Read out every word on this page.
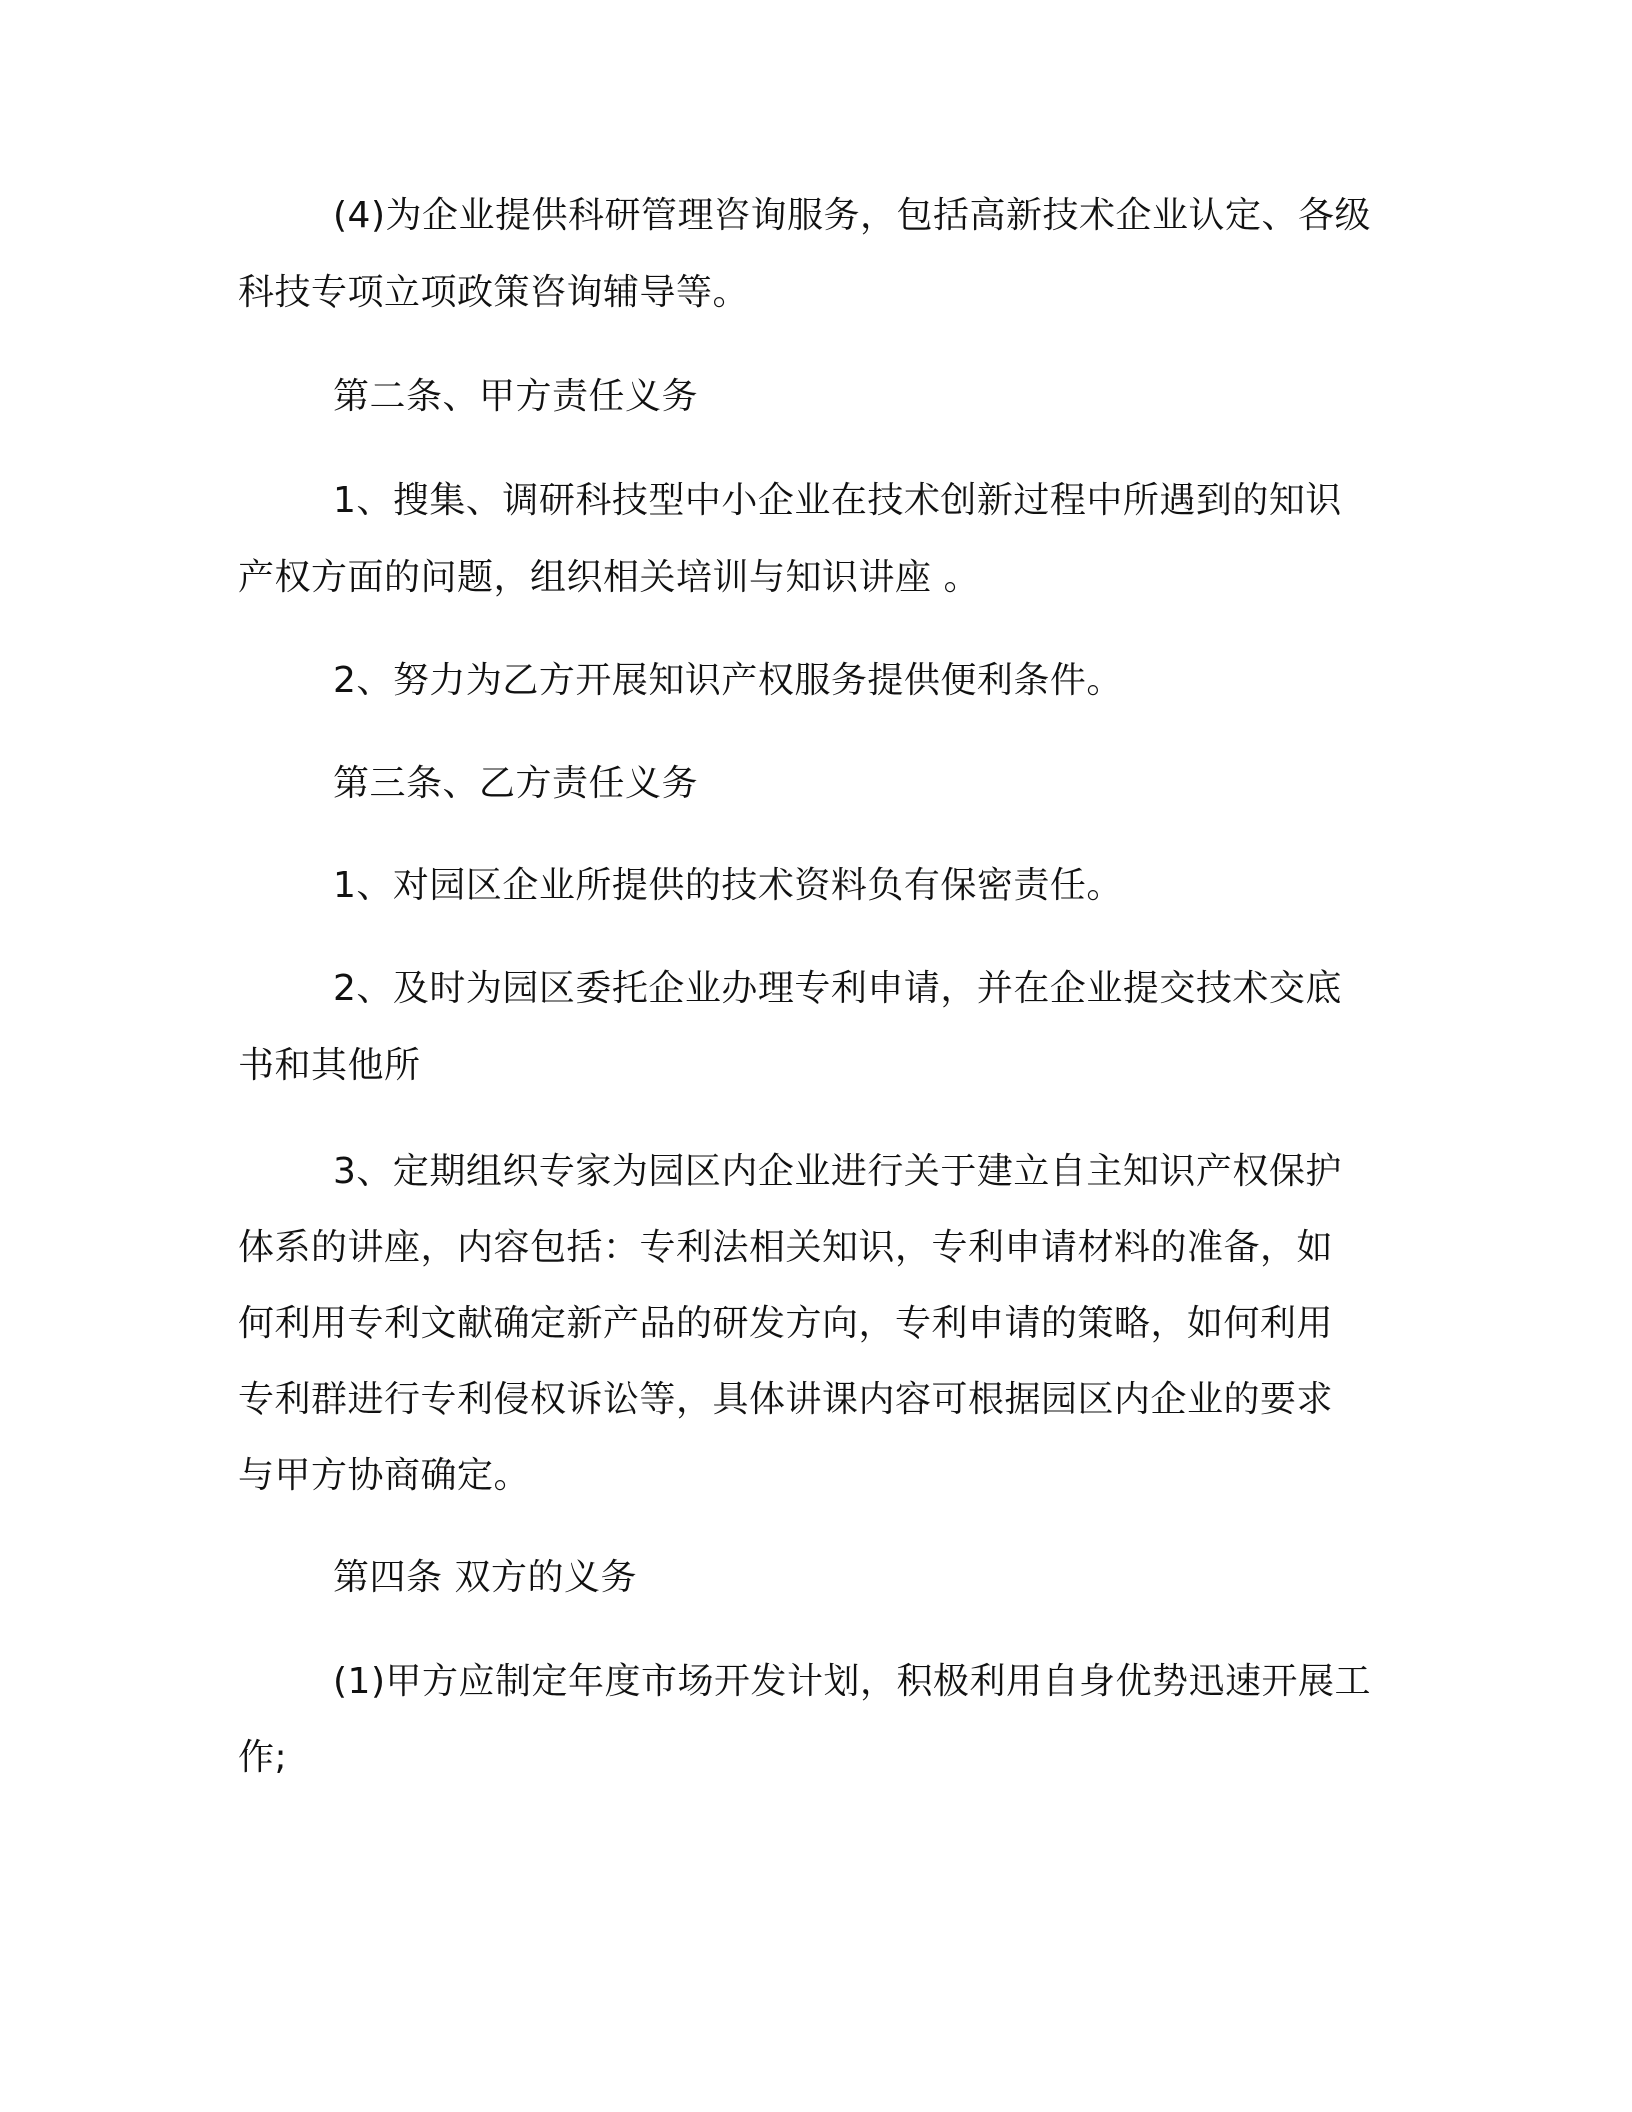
(4)为企业提供科研管理咨询服务，包括高新技术企业认定、各级

科技专项立项政策咨询辅导等。

第二条、甲方责任义务

1、搜集、调研科技型中小企业在技术创新过程中所遇到的知识

产权方面的问题，组织相关培训与知识讲座 。

2、努力为乙方开展知识产权服务提供便利条件。

第三条、乙方责任义务

1、对园区企业所提供的技术资料负有保密责任。

2、及时为园区委托企业办理专利申请，并在企业提交技术交底

书和其他所

3、定期组织专家为园区内企业进行关于建立自主知识产权保护

体系的讲座，内容包括：专利法相关知识，专利申请材料的准备，如

何利用专利文献确定新产品的研发方向，专利申请的策略，如何利用

专利群进行专利侵权诉讼等，具体讲课内容可根据园区内企业的要求

与甲方协商确定。

第四条 双方的义务

(1)甲方应制定年度市场开发计划，积极利用自身优势迅速开展工

作;
